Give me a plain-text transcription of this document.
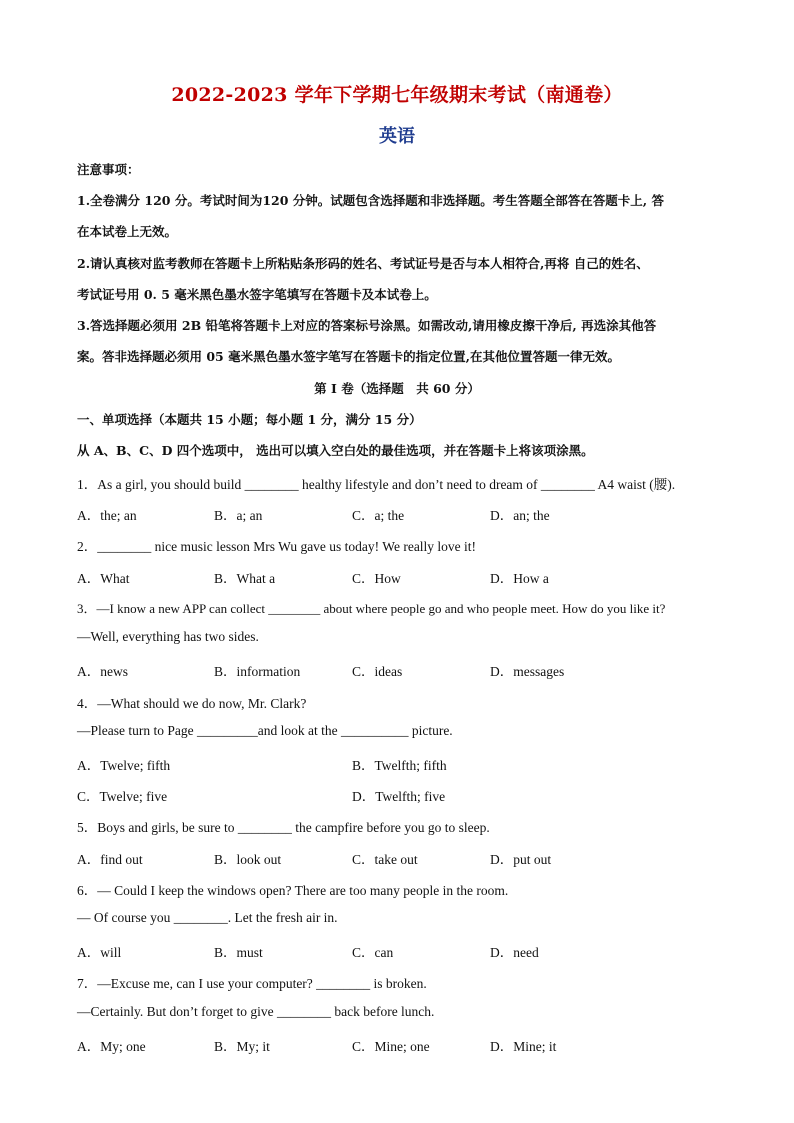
2022-2023 学年下学期七年级期末考试（南通卷）
英语
注意事项：
1.全卷满分 120 分。考试时间为120 分钟。试题包含选择题和非选择题。考生答题全部答在答题卡上, 答
在本试卷上无效。
2.请认真核对监考教师在答题卡上所粘贴条形码的姓名、考试证号是否与本人相符合,再将 自己的姓名、
考试证号用 0. 5 毫米黑色墨水签字笔填写在答题卡及本试卷上。
3.答选择题必须用 2B 铅笔将答题卡上对应的答案标号涂黑。如需改动,请用橡皮擦干净后, 再选涂其他答
案。答非选择题必须用 05 毫米黑色墨水签字笔写在答题卡的指定位置,在其他位置答题一律无效。
第 I 卷（选择题　共 60 分）
一、单项选择（本题共 15 小题；每小题 1 分，满分 15 分）
从 A、B、C、D 四个选项中， 选出可以填入空白处的最佳选项，并在答题卡上将该项涂黑。
1．As a girl, you should build ________ healthy lifestyle and don’t need to dream of ________ A4 waist (腰).
A．the; an	B．a; an	C．a; the	D．an; the
2．________ nice music lesson Mrs Wu gave us today! We really love it!
A．What	B．What a	C．How	D．How a
3．—I know a new APP can collect ________ about where people go and who people meet. How do you like it?
—Well, everything has two sides.
A．news	B．information	C．ideas	D．messages
4．—What should we do now, Mr. Clark?
—Please turn to Page _________and look at the __________ picture.
A．Twelve; fifth	B．Twelfth; fifth
C．Twelve; five	D．Twelfth; five
5．Boys and girls, be sure to ________ the campfire before you go to sleep.
A．find out	B．look out	C．take out	D．put out
6．— Could I keep the windows open? There are too many people in the room.
— Of course you ________. Let the fresh air in.
A．will	B．must	C．can	D．need
7．—Excuse me, can I use your computer? ________ is broken.
—Certainly. But don’t forget to give ________ back before lunch.
A．My; one	B．My; it	C．Mine; one	D．Mine; it
